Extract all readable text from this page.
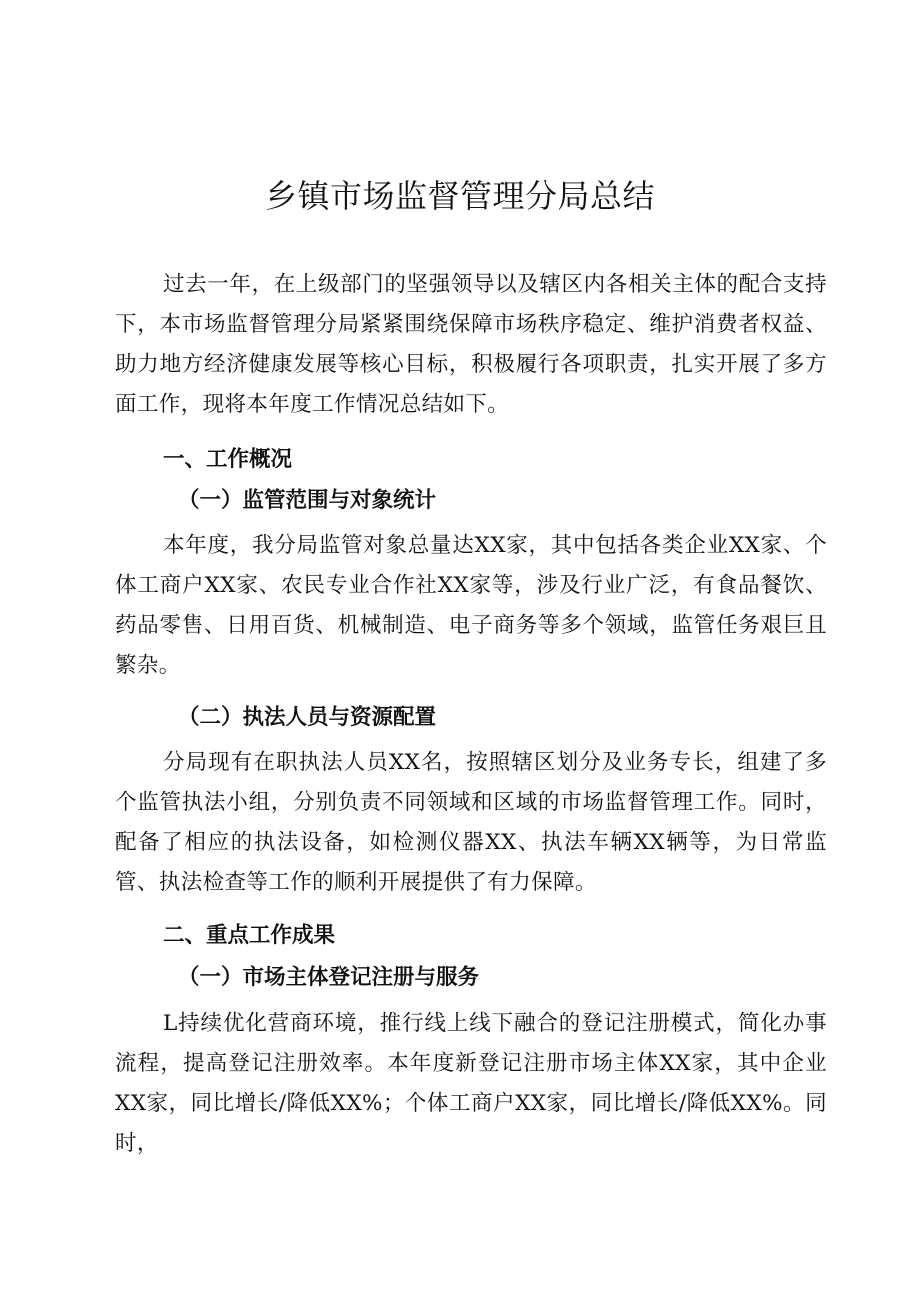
乡镇市场监督管理分局总结

过去一年，在上级部门的坚强领导以及辖区内各相关主体的配合支持下，本市场监督管理分局紧紧围绕保障市场秩序稳定、维护消费者权益、助力地方经济健康发展等核心目标，积极履行各项职责，扎实开展了多方面工作，现将本年度工作情况总结如下。

一、工作概况
（一）监管范围与对象统计

本年度，我分局监管对象总量达XX家，其中包括各类企业XX家、个体工商户XX家、农民专业合作社XX家等，涉及行业广泛，有食品餐饮、药品零售、日用百货、机械制造、电子商务等多个领域，监管任务艰巨且繁杂。

（二）执法人员与资源配置

分局现有在职执法人员XX名，按照辖区划分及业务专长，组建了多个监管执法小组，分别负责不同领域和区域的市场监督管理工作。同时，配备了相应的执法设备，如检测仪器XX、执法车辆XX辆等，为日常监管、执法检查等工作的顺利开展提供了有力保障。

二、重点工作成果
（一）市场主体登记注册与服务

L持续优化营商环境，推行线上线下融合的登记注册模式，简化办事流程，提高登记注册效率。本年度新登记注册市场主体XX家，其中企业XX家，同比增长/降低XX%；个体工商户XX家，同比增长/降低XX%。同时，
